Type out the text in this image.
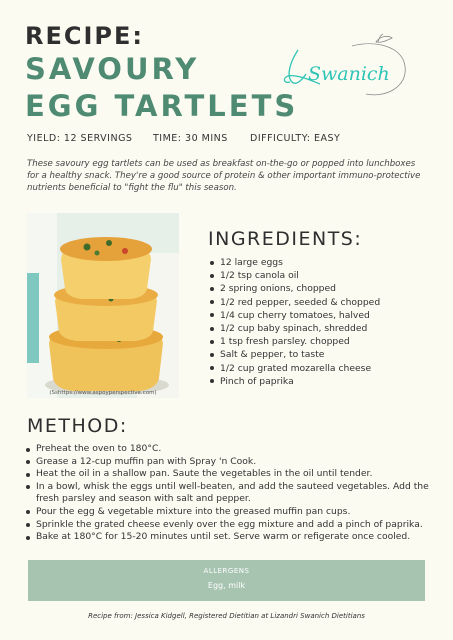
RECIPE:
SAVOURY
EGG TARTLETS
Swanich
YIELD: 12 SERVINGS TIME: 30 MINS DIFFICULTY: EASY

These savoury egg tartlets can be used as breakfast on-the-go or popped into lunchboxes for a healthy snack. They're a good source of protein & other important immuno-protective nutrients beneficial to "fight the flu" this season.

(Sshttps://www.aspoyperspective.com)
INGREDIENTS:
12 large eggs
1/2 tsp canola oil
2 spring onions, chopped
1/2 red pepper, seeded & chopped
1/4 cup cherry tomatoes, halved
1/2 cup baby spinach, shredded
1 tsp fresh parsley. chopped
Salt & pepper, to taste
1/2 cup grated mozarella cheese
Pinch of paprika
METHOD:
Preheat the oven to 180°C.
Grease a 12-cup muffin pan with Spray 'n Cook.
Heat the oil in a shallow pan. Saute the vegetables in the oil until tender.
In a bowl, whisk the eggs until well-beaten, and add the sauteed vegetables. Add the fresh parsley and season with salt and pepper.
Pour the egg & vegetable mixture into the greased muffin pan cups.
Sprinkle the grated cheese evenly over the egg mixture and add a pinch of paprika.
Bake at 180°C for 15-20 minutes until set. Serve warm or refigerate once cooled.
ALLERGENS
Egg, milk
Recipe from: Jessica Kidgell, Registered Dietitian at Lizandri Swanich Dietitians
